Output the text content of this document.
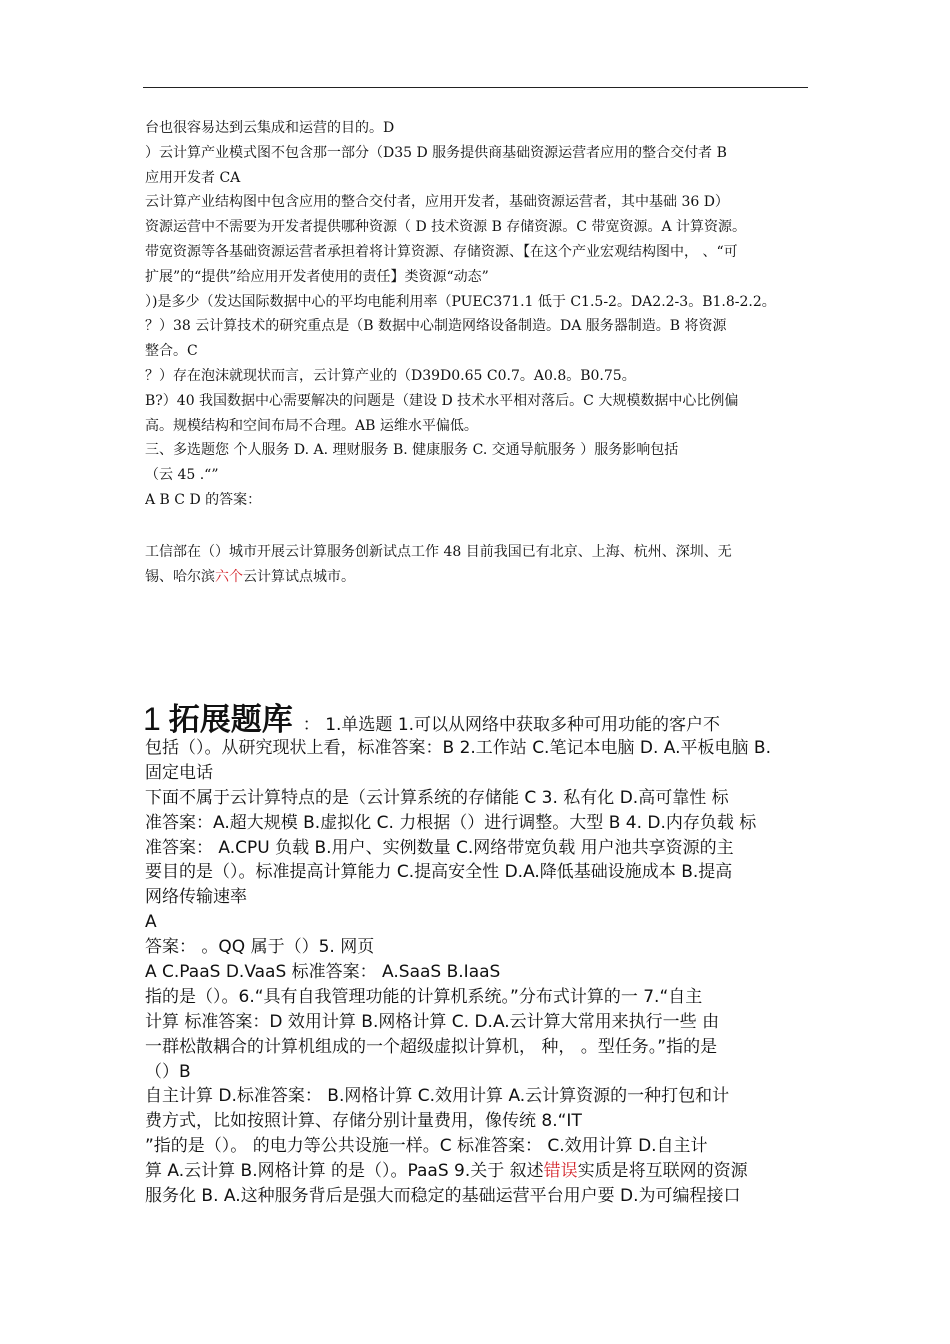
台也很容易达到云集成和运营的目的。D
）云计算产业模式图不包含那一部分（D35 D 服务提供商基础资源运营者应用的整合交付者 B
应用开发者 CA
云计算产业结构图中包含应用的整合交付者，应用开发者，基础资源运营者，其中基础 36 D）
资源运营中不需要为开发者提供哪种资源（ D 技术资源 B 存储资源。C 带宽资源。A 计算资源。
带宽资源等各基础资源运营者承担着将计算资源、存储资源、【在这个产业宏观结构图中， 、“可
扩展”的“提供”给应用开发者使用的责任】类资源“动态”
）)是多少（发达国际数据中心的平均电能利用率（PUEC371.1 低于 C1.5-2。DA2.2-3。B1.8-2.2。
？）38 云计算技术的研究重点是（B 数据中心制造网络设备制造。DA 服务器制造。B 将资源
整合。C
？）存在泡沫就现状而言，云计算产业的（D39D0.65 C0.7。A0.8。B0.75。
B?）40 我国数据中心需要解决的问题是（建设 D 技术水平相对落后。C 大规模数据中心比例偏
高。规模结构和空间布局不合理。AB 运维水平偏低。
三、多选题您 个人服务 D. A. 理财服务 B. 健康服务 C. 交通导航服务 ）服务影响包括
（云 45 .“”
A B C D 的答案：
工信部在（）城市开展云计算服务创新试点工作 48 目前我国已有北京、上海、杭州、深圳、无
锡、哈尔滨六个云计算试点城市。
1 拓展题库 ： 1.单选题 1.可以从网络中获取多种可用功能的客户不
包括（）。从研究现状上看，标准答案：B 2.工作站 C.笔记本电脑 D. A.平板电脑 B.
固定电话
下面不属于云计算特点的是（云计算系统的存储能 C 3. 私有化 D.高可靠性 标
准答案：A.超大规模 B.虚拟化 C. 力根据（）进行调整。大型 B 4. D.内存负载 标
准答案： A.CPU 负载 B.用户、实例数量 C.网络带宽负载 用户池共享资源的主
要目的是（）。标准提高计算能力 C.提高安全性 D.A.降低基础设施成本 B.提高
网络传输速率
A
答案： 。QQ 属于（）5. 网页
A C.PaaS D.VaaS 标准答案： A.SaaS B.IaaS
指的是（）。6.“具有自我管理功能的计算机系统。”分布式计算的一 7.“自主
计算 标准答案：D 效用计算 B.网格计算 C. D.A.云计算大常用来执行一些 由
一群松散耦合的计算机组成的一个超级虚拟计算机， 种， 。型任务。”指的是
（）B
自主计算 D.标准答案： B.网格计算 C.效用计算 A.云计算资源的一种打包和计
费方式，比如按照计算、存储分别计量费用，像传统 8.“IT
”指的是（）。 的电力等公共设施一样。C 标准答案： C.效用计算 D.自主计
算 A.云计算 B.网格计算 的是（）。PaaS 9.关于 叙述错误实质是将互联网的资源
服务化 B. A.这种服务背后是强大而稳定的基础运营平台用户要 D.为可编程接口
